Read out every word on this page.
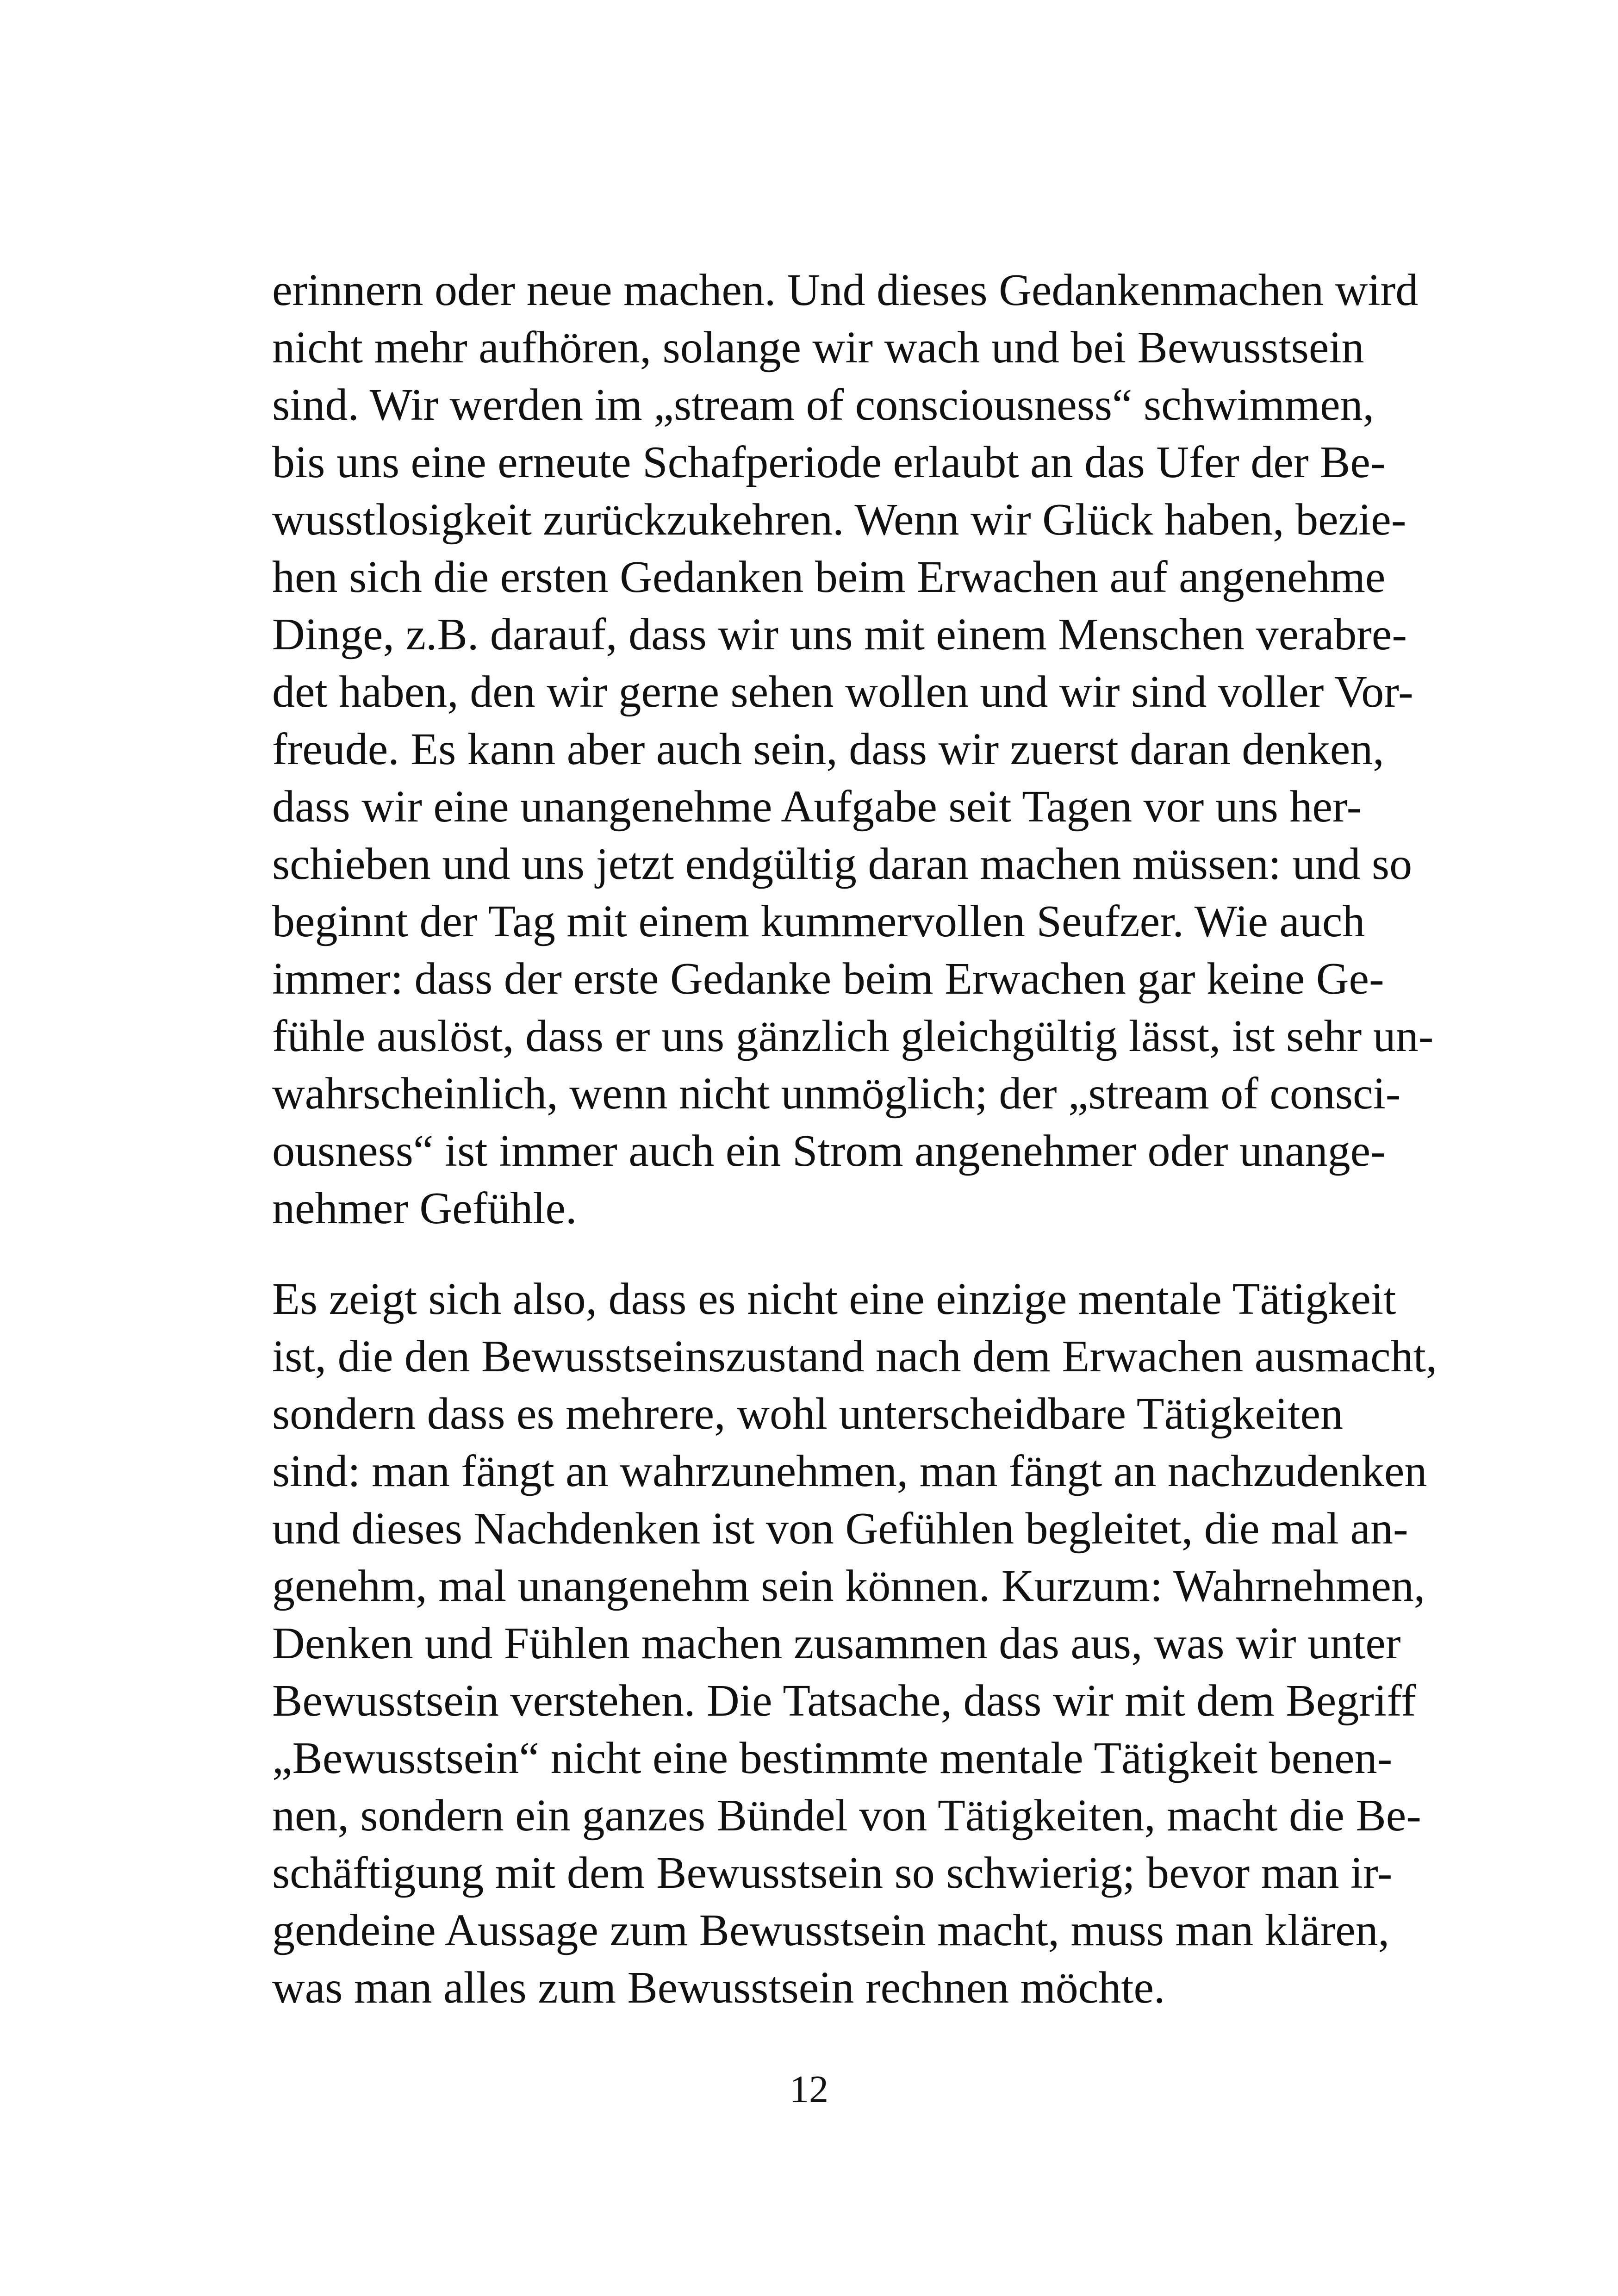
erinnern oder neue machen. Und dieses Gedankenmachen wird
nicht mehr aufhören, solange wir wach und bei Bewusstsein
sind. Wir werden im „stream of consciousness“ schwimmen,
bis uns eine erneute Schafperiode erlaubt an das Ufer der Be-
wusstlosigkeit zurückzukehren. Wenn wir Glück haben, bezie-
hen sich die ersten Gedanken beim Erwachen auf angenehme
Dinge, z.B. darauf, dass wir uns mit einem Menschen verabre-
det haben, den wir gerne sehen wollen und wir sind voller Vor-
freude. Es kann aber auch sein, dass wir zuerst daran denken,
dass wir eine unangenehme Aufgabe seit Tagen vor uns her-
schieben und uns jetzt endgültig daran machen müssen: und so
beginnt der Tag mit einem kummervollen Seufzer. Wie auch
immer: dass der erste Gedanke beim Erwachen gar keine Ge-
fühle auslöst, dass er uns gänzlich gleichgültig lässt, ist sehr un-
wahrscheinlich, wenn nicht unmöglich; der „stream of consci-
ousness“ ist immer auch ein Strom angenehmer oder unange-
nehmer Gefühle.
Es zeigt sich also, dass es nicht eine einzige mentale Tätigkeit
ist, die den Bewusstseinszustand nach dem Erwachen ausmacht,
sondern dass es mehrere, wohl unterscheidbare Tätigkeiten
sind: man fängt an wahrzunehmen, man fängt an nachzudenken
und dieses Nachdenken ist von Gefühlen begleitet, die mal an-
genehm, mal unangenehm sein können. Kurzum: Wahrnehmen,
Denken und Fühlen machen zusammen das aus, was wir unter
Bewusstsein verstehen. Die Tatsache, dass wir mit dem Begriff
„Bewusstsein“ nicht eine bestimmte mentale Tätigkeit benen-
nen, sondern ein ganzes Bündel von Tätigkeiten, macht die Be-
schäftigung mit dem Bewusstsein so schwierig; bevor man ir-
gendeine Aussage zum Bewusstsein macht, muss man klären,
was man alles zum Bewusstsein rechnen möchte.
12
